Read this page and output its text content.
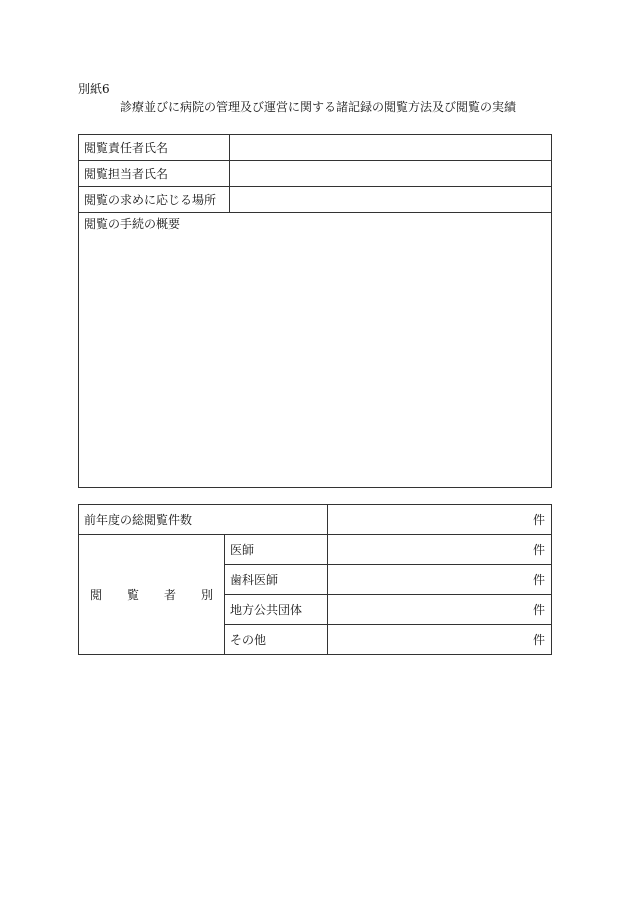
別紙6
診療並びに病院の管理及び運営に関する諸記録の閲覧方法及び閲覧の実績
閲覧責任者氏名	
閲覧担当者氏名	
閲覧の求めに応じる場所	
閲覧の手続の概要	
前年度の総閲覧件数		件

閲 覧 者 別	医師	件
	歯科医師	件
	地方公共団体	件
	その他	件
